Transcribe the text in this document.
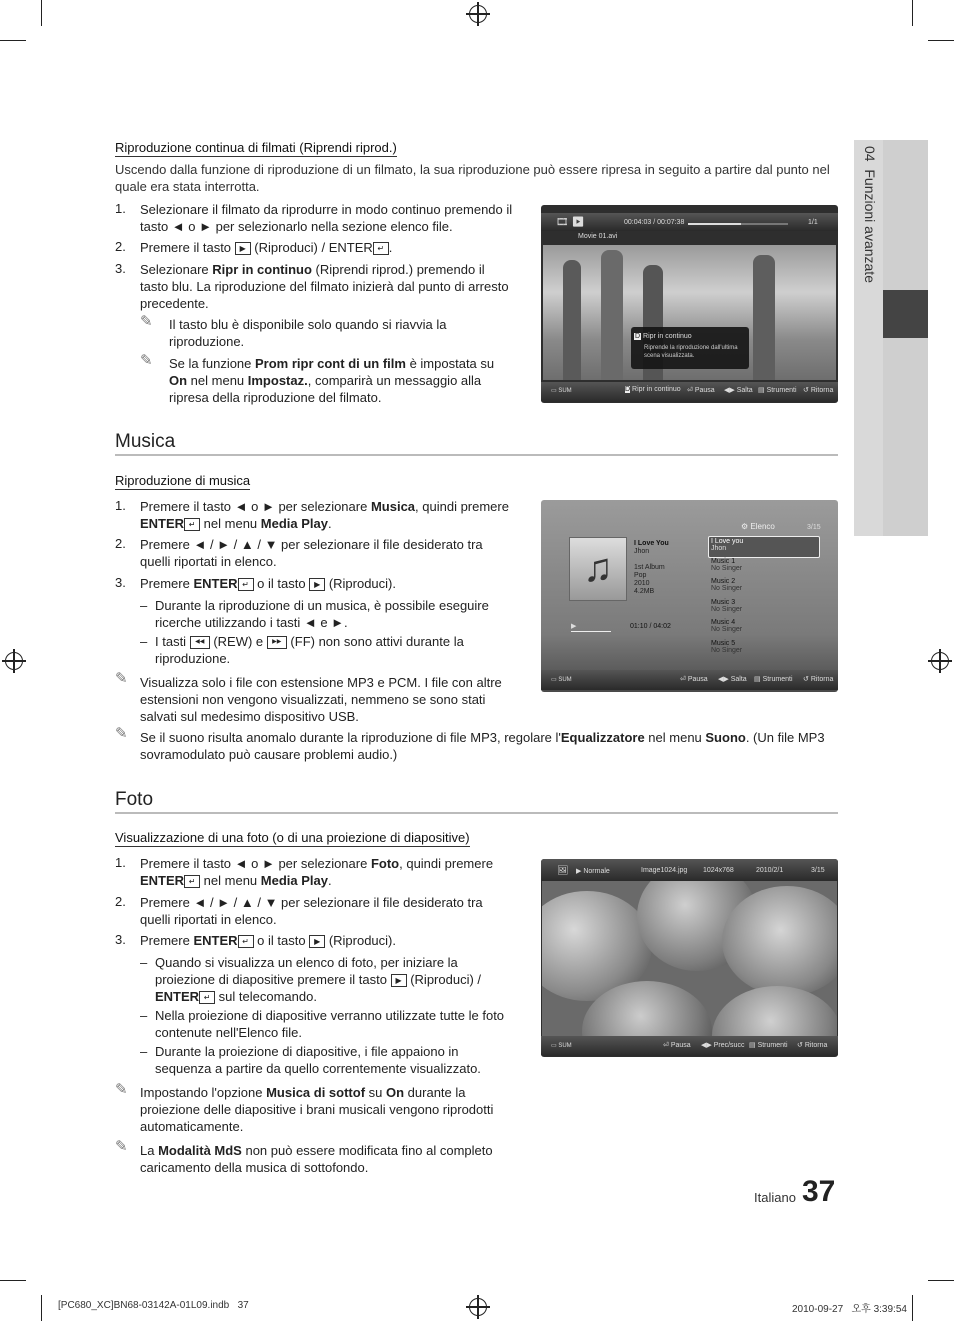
04  Funzioni avanzate
Riproduzione continua di filmati (Riprendi riprod.)
Uscendo dalla funzione di riproduzione di un filmato, la sua riproduzione può essere ripresa in seguito a partire dal punto nel quale era stata interrotta.
1. Selezionare il filmato da riprodurre in modo continuo premendo il tasto ◄ o ► per selezionarlo nella sezione elenco file.
2. Premere il tasto ▶ (Riproduci) / ENTER ↵ .
3. Selezionare Ripr in continuo (Riprendi riprod.) premendo il tasto blu. La riproduzione del filmato inizierà dal punto di arresto precedente.
✎ Il tasto blu è disponibile solo quando si riavvia la riproduzione.
✎ Se la funzione Prom ripr cont di un film è impostata su On nel menu Impostaz., comparirà un messaggio alla ripresa della riproduzione del filmato.
🎞 ▶	00:04:03 / 00:07:38	1/1
Movie 01.avi
D Ripr in continuo
Riprende la riproduzione dall'ultima
scena visualizzata.
▭ SUM	D Ripr in continuo ⏎ Pausa ◀▶ Salta ▤ Strumenti ↺ Ritorna
Musica
Riproduzione di musica
1. Premere il tasto ◄ o ► per selezionare Musica, quindi premere
ENTER ↵ nel menu Media Play.
2. Premere ◄ / ► / ▲ / ▼ per selezionare il file desiderato tra quelli riportati in elenco.
3. Premere ENTER ↵ o il tasto ▶ (Riproduci).
– Durante la riproduzione di un musica, è possibile eseguire ricerche utilizzando i tasti ◄ e ►.
– I tasti ◀◀ (REW) e ▶▶ (FF) non sono attivi durante la riproduzione.
✎ Visualizza solo i file con estensione MP3 e PCM. I file con altre estensioni non vengono visualizzati, nemmeno se sono stati salvati sul medesimo dispositivo USB.
✎ Se il suono risulta anomalo durante la riproduzione di file MP3, regolare l'Equalizzatore nel menu Suono. (Un file MP3 sovramodulato può causare problemi audio.)
⚙ Elenco	3/15
♫
I Love You
Jhon
1st Album
Pop
2010
4.2MB
▶	01:10 / 04:02
I Love you
Jhon
Music 1
No Singer
Music 2
No Singer
Music 3
No Singer
Music 4
No Singer
Music 5
No Singer
▭ SUM	⏎ Pausa ◀▶ Salta ▤ Strumenti ↺ Ritorna
Foto
Visualizzazione di una foto (o di una proiezione di diapositive)
1. Premere il tasto ◄ o ► per selezionare Foto, quindi premere
ENTER ↵ nel menu Media Play.
2. Premere ◄ / ► / ▲ / ▼ per selezionare il file desiderato tra quelli riportati in elenco.
3. Premere ENTER ↵ o il tasto ▶ (Riproduci).
– Quando si visualizza un elenco di foto, per iniziare la proiezione di diapositive premere il tasto ▶ (Riproduci) /
ENTER ↵ sul telecomando.
– Nella proiezione di diapositive verranno utilizzate tutte le foto contenute nell'Elenco file.
– Durante la proiezione di diapositive, i file appaiono in sequenza a partire da quello correntemente visualizzato.
✎ Impostando l'opzione Musica di sottof su On durante la proiezione delle diapositive i brani musicali vengono riprodotti automaticamente.
✎ La Modalità MdS non può essere modificata fino al completo caricamento della musica di sottofondo.
🖼 ▶ Normale	Image1024.jpg 1024x768	2010/2/1	3/15
▭ SUM	⏎ Pausa ◀▶ Prec/succ ▤ Strumenti ↺ Ritorna
Italiano 37
[PC680_XC]BN68-03142A-01L09.indb   37	2010-09-27   오후 3:39:54
